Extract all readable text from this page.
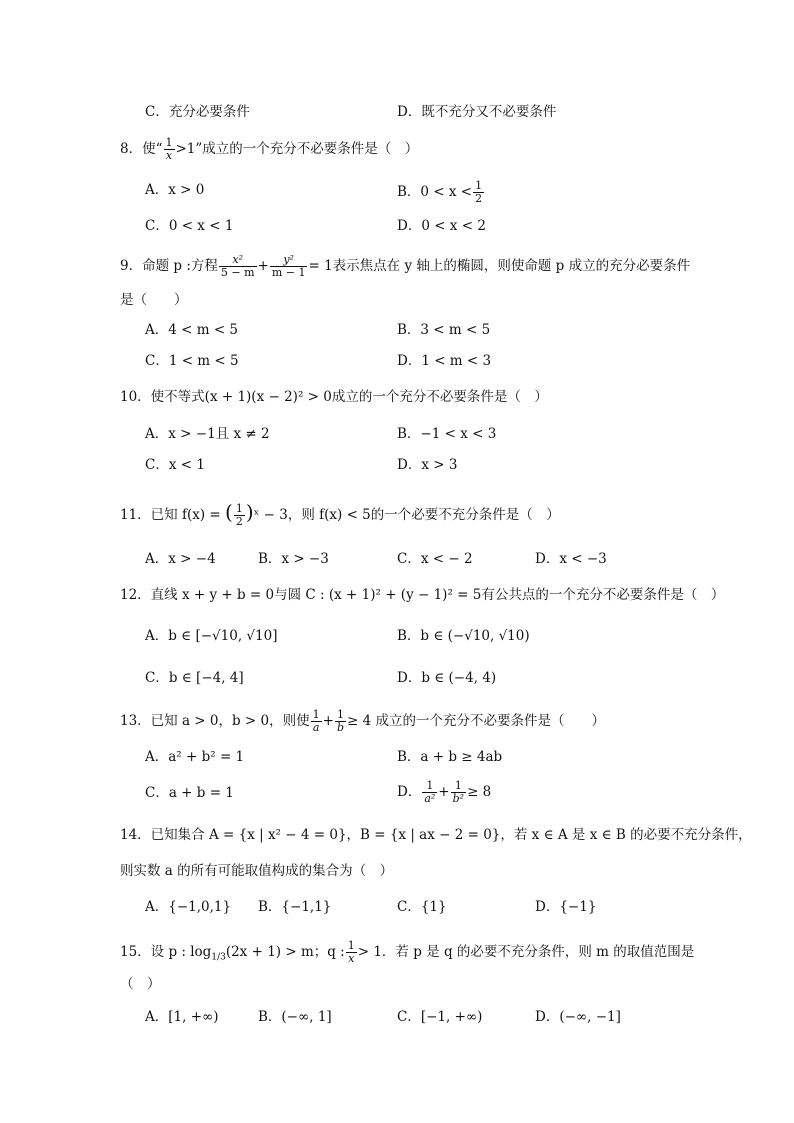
C．充分必要条件	D．既不充分又不必要条件
8．使“ $\frac{1}{x} >1$”成立的一个充分不必要条件是（　）
A．x > 0	B．$0 < x < \frac{1}{2}$
C．0 < x < 1	D．0 < x < 2
9．命题 p :方程 $\frac{\text{x²}}{5 - m} + \frac{\text{y²}}{m - 1} = 1$表示焦点在 y 轴上的椭圆，则使命题 p 成立的充分必要条件
是（　　）
A．4 < m < 5	B．3 < m < 5
C．1 < m < 5	D．1 < m < 3
10．使不等式(x + 1)(x − 2)² > 0成立的一个充分不必要条件是（　）
A．x > −1且 x ≠ 2	B．−1 < x < 3
C．x < 1	D．x > 3
11．已知 f(x) = ( $\frac{1}{2}$ )ˣ − 3，则 f(x) < 5的一个必要不充分条件是（　）
A．x > −4	B．x > −3	C．x < − 2	D．x < −3
12．直线 x + y + b = 0与圆 C : (x + 1)² + (y − 1)² = 5有公共点的一个充分不必要条件是（　）
A．b ∈ [−√10, √10]	B．b ∈ (−√10, √10)
C．b ∈ [−4, 4]	D．b ∈ (−4, 4)
13．已知 a > 0，b > 0，则使 $\frac{1}{a} + \frac{1}{b} \ge 4$ 成立的一个充分不必要条件是（　　）
A．a² + b² = 1	B．a + b ≥ 4ab
C．a + b = 1	D． $\frac{1}{\text{a²}} + \frac{1}{\text{b²}} \ge 8$
14．已知集合 A = {x | x² − 4 = 0}，B = {x | ax − 2 = 0}，若 x ∈ A 是 x ∈ B 的必要不充分条件，
则实数 a 的所有可能取值构成的集合为（　）
A．{−1,0,1} B．{−1,1}	C．{1}	D．{−1}
15．设 p : $\log_{1/3}(2x + 1) > m$；q : $\frac{1}{x} > 1$．若 p 是 q 的必要不充分条件，则 m 的取值范围是
（　）
A．[1, +∞)	B．(−∞, 1]	C．[−1, +∞)	D．(−∞, −1]
